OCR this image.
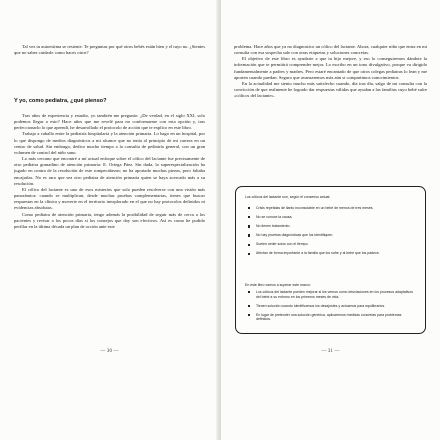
Tal vez tu autoestima se resiente. Te preguntas por qué otros bebés están bien y el tuyo no. ¿Sientes que no sabes cuidarle como haces otros?

Y yo, como pediatra, ¿qué pienso?

Tras años de experiencia y estudio, yo también me pregunto: ¿De verdad, en el siglo XXI, solo podemos llegar a esto? Hace años que me revelé para no conformarme con esta opción y, tras perfeccionarlo lo que aprendí, he desarrollado el protocolo de acción que te explico en este libro.

Trabajo a caballo entre la pediatría hospitalaria y la atención primaria. Lo hago en un hospital, por lo que dispongo de medios diagnósticos a mi alcance que no tenía al principio de mi carrera en un centro de salud. Sin embargo, dedico mucho tiempo a la consulta de pediatría general, con un gran volumen de control del niño sano.

Lo más cercano que encontré a mí actual enfoque sobre el cólico del lactante fue precisamente de otro pediatra granadino de atención primaria: E. Ortega Páez. Sin duda, la superespecialización ha jugado en contra de la resolución de este rompecabezas; no ha aportado muchas piezas, pero faltaba encajarlas. No es raro que sea otro pediatra de atención primaria quien se haya acercado más a su resolución.

El cólico del lactante es uno de esos misterios que solo pueden resolverse con una visión más panorámica: cuando se multiplican, desde muchas pruebas complementarias, tienes que buscar respuestas en la clínica y moverte en el territorio inexplorado en el que no hay protocolos definidos ni evidencias absolutas.

Como pediatra de atención primaria, tengo además la posibilidad de seguir más de cerca a los pacientes y revisar a los pocos días si los consejos que doy son efectivos. Así es como he podido perfilar en la última década un plan de acción ante este

— 30 —

problema. Hace años que ya no diagnostico un cólico del lactante. Ahora, cualquier niño que entra en mi consulta con esa sospecha sale con otras etiquetas y soluciones concretas.

El objetivo de este libro es ayudarte a que tu hijo mejore, y eso lo conseguiremos dándote la información que te permitirá comprender mejor. Lo escribo en un tono divulgativo, porque va dirigido fundamentalmente a padres y madres. Pero estaré encantado de que otros colegas pediatras lo lean y me aporten cuando puedan. Seguro que avanzaremos más aún si compartimos conocimientos.

En la actualidad me siento mucho más satisfecho cuando, día tras día, salgo de mi consulta con la convicción de que realmente he logrado dar respuestas válidas que ayudan a las familias cuyo bebé sufre «cólicos del lactante».

Los cólicos del lactante son, según el consenso actual:
Crisis repetidas de llanto inconsolable en un bebé de menos de tres meses.
No se conoce la causa.
No tienen tratamiento.
No hay pruebas diagnósticas que los identifiquen.
Suelen ceder solos con el tiempo.
Afectan de forma importante a la familia que los sufre y al bebé que los padece.
En este libro vamos a superar este marco:
Los cólicos del lactante pueden mejorar si los vemos como desviaciones en los procesos adaptativos del bebé a su entorno en los primeros meses de vida.
Tienen solución cuando identificamos los desajustes y actuamos para equilibrarlos.
En lugar de pretender una solución genérica, aplicaremos medidas concretas para problemas definidos.
— 31 —
